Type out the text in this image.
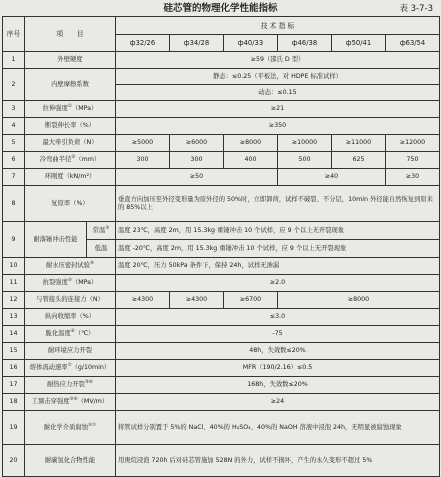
硅芯管的物理化学性能指标	表 3-7-3
序号	项　　目		技 术 指 标					
			ф32/26	ф34/28	ф40/33	ф46/38	ф50/41	ф63/54
1	外壁硬度		≥59（邵氏 D 型）					
2	内壁摩擦系数		静态：≤0.25（平板法，对 HDPE 标准试样）					
			动态：≤0.15					
3	拉伸强度①（MPa）		≥21					
4	断裂伸长率（%）		≥350					
5	最大牵引负荷（N）		≥5000	≥6000	≥8000	≥10000	≥11000	≥12000
6	冷弯曲半径②（mm）		300	300	400	500	625	750
7	环刚度（kN/m²）		≥50			≥40		≥30
8	复原率（%）		垂直方向加压至外径变形量为原外径的 50%时，立即卸荷，试样不破裂、不分层，10min 外径能自然恢复到原来的 85%以上					
9	耐落锤冲击性能	常温③	温度 23℃，高度 2m，用 15.3kg 重锤冲击 10 个试样，应 9 个以上无开裂现象					
		低温	温度 -20℃，高度 2m，用 15.3kg 重锤冲击 10 个试样，应 9 个以上无开裂现象					
10	耐水压密封试验④		温度 20℃，压力 50kPa 条件下，保持 24h，试样无渗漏					
11	抗裂强度⑤（MPa）		≥2.0					
12	与管接头的连接力（N）		≥4300	≥4300	≥6700	≥8000		
13	纵向收缩率（%）		≤3.0					
14	脆化温度⑥（℃）		-75					
15	耐环境应力开裂		48h，失效数≤20%					
16	熔体流动速率⑦（g/10min）		MFR（190/2.16）≤0.5					
17	耐热应力开裂③⑥		168h，失效数≤20%					
18	工频击穿强度③⑥（MV/m）		≥24					
19	耐化学介质腐蚀⑤⑦		将管试样分别置于 5%的 NaCl、40%的 H₂SO₄、40%的 NaOH 溶液中浸泡 24h，无明显被腐蚀现象					
20	耐碳氢化合物性能		用庚烷浸泡 720h 后对硅芯管施加 528N 的外力，试样不损坏，产生的永久变形不超过 5%					
